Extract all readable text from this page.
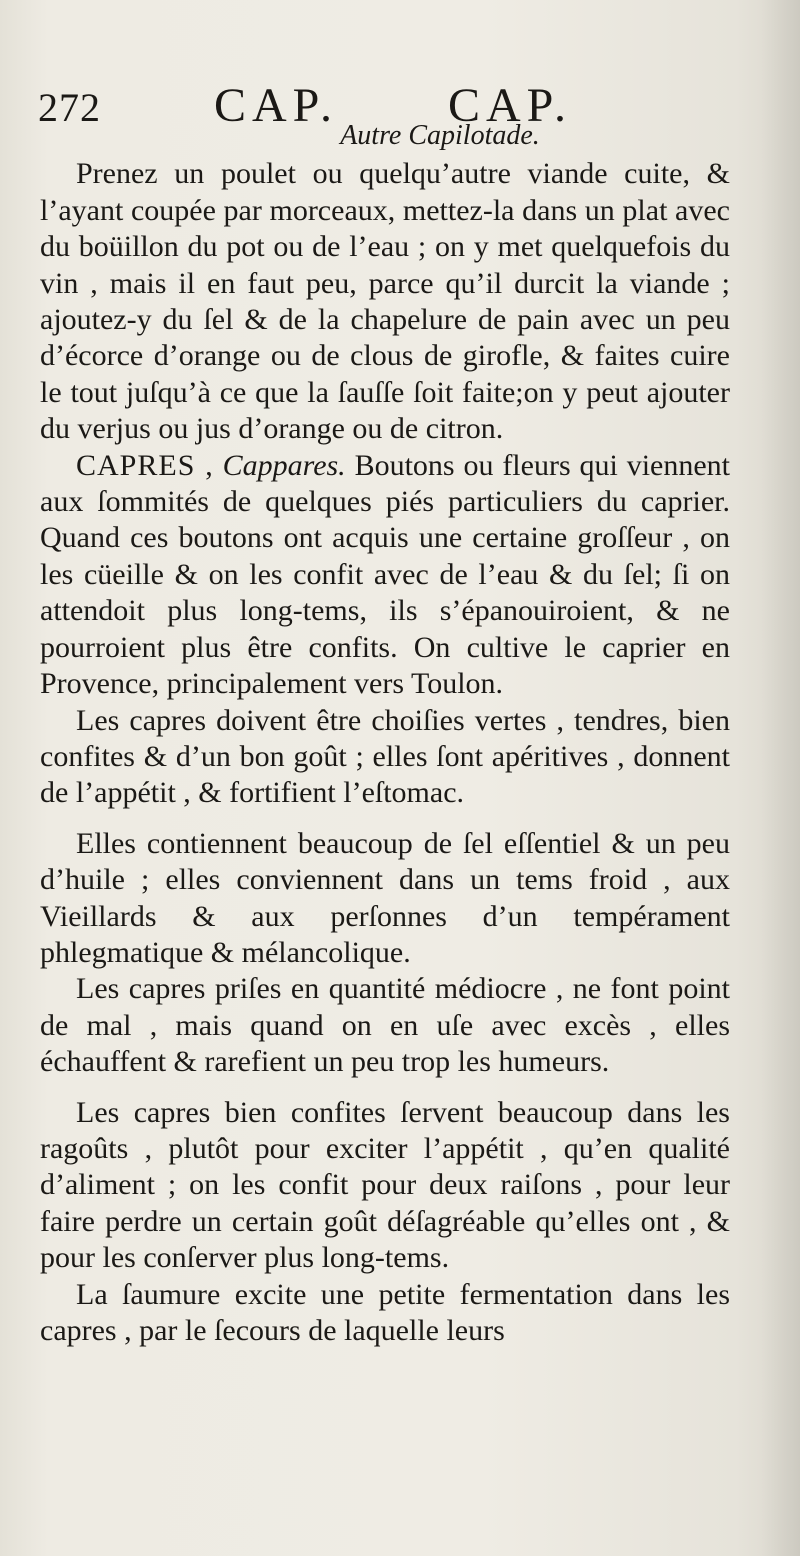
272 CAP. CAP.
Autre Capilotade.

Prenez un poulet ou quelqu’autre viande cuite, & l’ayant coupée par morceaux, mettez-la dans un plat avec du boüillon du pot ou de l’eau ; on y met quelquefois du vin , mais il en faut peu, parce qu’il durcit la viande ; ajoutez-y du ſel & de la chapelure de pain avec un peu d’écorce d’orange ou de clous de girofle, & faites cuire le tout juſqu’à ce que la ſauſſe ſoit faite;on y peut ajouter du verjus ou jus d’orange ou de citron.

CAPRES , Cappares. Boutons ou fleurs qui viennent aux ſommités de quelques piés particuliers du caprier. Quand ces boutons ont acquis une certaine groſſeur , on les cüeille & on les confit avec de l’eau & du ſel; ſi on attendoit plus long-tems, ils s’épanouiroient, & ne pourroient plus être confits. On cultive le caprier en Provence, principalement vers Toulon.

Les capres doivent être choiſies vertes , tendres, bien confites & d’un bon goût ; elles ſont apéritives , donnent de l’appétit , & fortifient l’eſtomac.

Elles contiennent beaucoup de ſel eſſentiel & un peu d’huile ; elles conviennent dans un tems froid , aux Vieillards & aux perſonnes d’un tempérament phlegmatique & mélancolique.

Les capres priſes en quantité médiocre , ne font point de mal , mais quand on en uſe avec excès , elles échauffent & rarefient un peu trop les humeurs.

Les capres bien confites ſervent beaucoup dans les ragoûts , plutôt pour exciter l’appétit , qu’en qualité d’aliment ; on les confit pour deux raiſons , pour leur faire perdre un certain goût déſagréable qu’elles ont , & pour les conſerver plus long-tems.

La ſaumure excite une petite fermentation dans les capres , par le ſecours de laquelle leurs
